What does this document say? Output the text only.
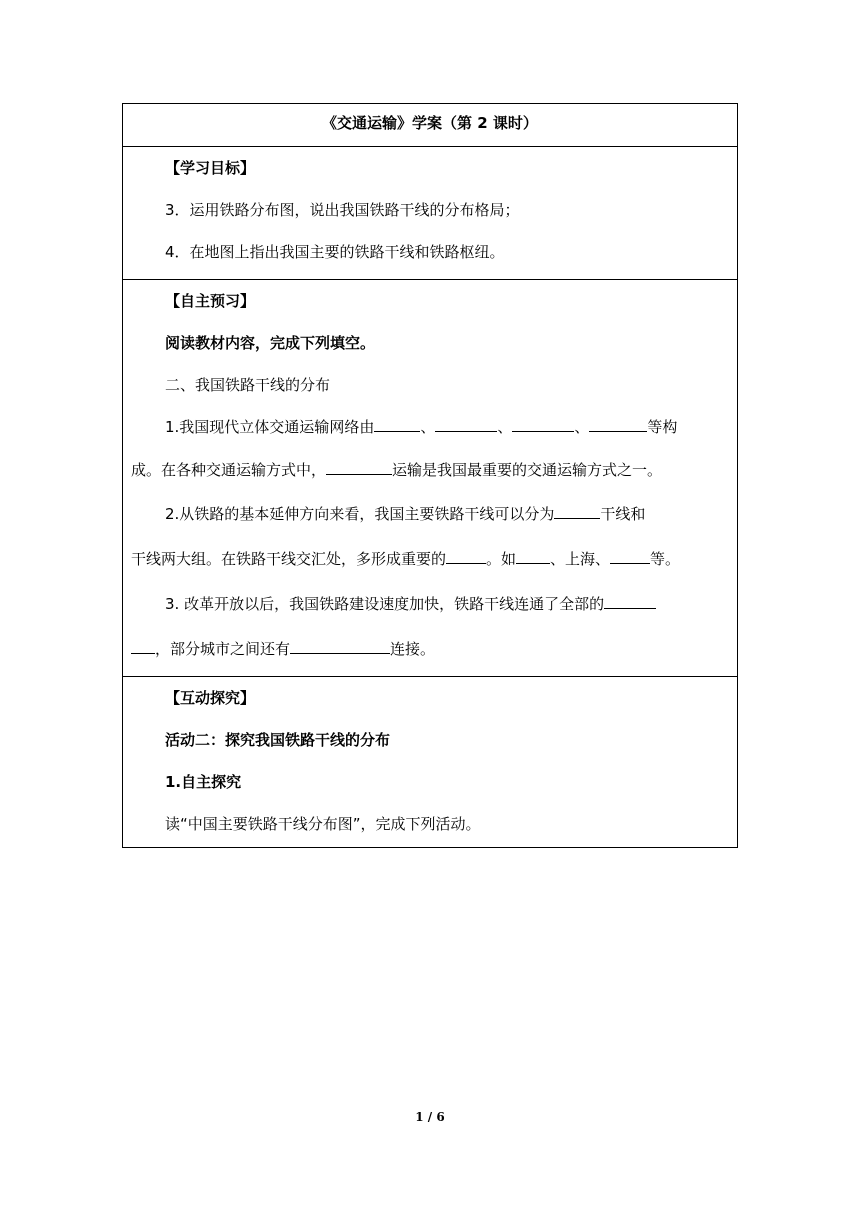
《交通运输》学案（第 2 课时）

【学习目标】

3．运用铁路分布图，说出我国铁路干线的分布格局；

4．在地图上指出我国主要的铁路干线和铁路枢纽。

【自主预习】

阅读教材内容，完成下列填空。

二、我国铁路干线的分布

1.我国现代立体交通运输网络由	、	、	、	等构
成。在各种交通运输方式中，	运输是我国最重要的交通运输方式之一。

2.从铁路的基本延伸方向来看，我国主要铁路干线可以分为	干线和
干线两大组。在铁路干线交汇处，多形成重要的	。如 、上海、	等。

3. 改革开放以后，我国铁路建设速度加快，铁路干线连通了全部的
，部分城市之间还有	连接。

【互动探究】

活动二：探究我国铁路干线的分布

1.自主探究

读“中国主要铁路干线分布图”，完成下列活动。

1 / 6
